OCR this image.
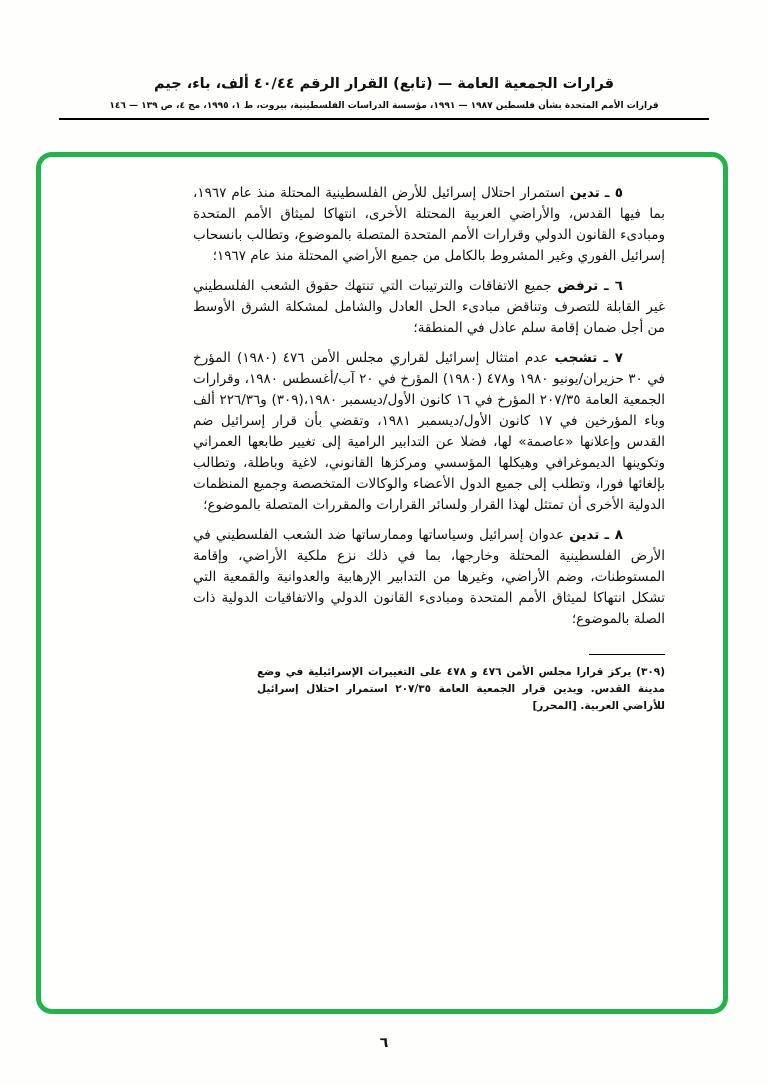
قرارات الجمعية العامة — (تابع) القرار الرقم ٤٠/٤٤ ألف، باء، جيم
قرارات الأمم المتحدة بشأن فلسطين ١٩٨٧ — ١٩٩١، مؤسسة الدراسات الفلسطينية، بيروت، ط ١، ١٩٩٥، مج ٤، ص ١٣٩ — ١٤٦

٥ ـ تدين استمرار احتلال إسرائيل للأرض الفلسطينية المحتلة منذ عام ١٩٦٧، بما فيها القدس، والأراضي العربية المحتلة الأخرى، انتهاكا لميثاق الأمم المتحدة ومبادىء القانون الدولي وقرارات الأمم المتحدة المتصلة بالموضوع، وتطالب بانسحاب إسرائيل الفوري وغير المشروط بالكامل من جميع الأراضي المحتلة منذ عام ١٩٦٧؛

٦ ـ ترفض جميع الاتفاقات والترتيبات التي تنتهك حقوق الشعب الفلسطيني غير القابلة للتصرف وتناقض مبادىء الحل العادل والشامل لمشكلة الشرق الأوسط من أجل ضمان إقامة سلم عادل في المنطقة؛

٧ ـ تشجب عدم امتثال إسرائيل لقراري مجلس الأمن ٤٧٦ (١٩٨٠) المؤرخ في ٣٠ حزيران/يونيو ١٩٨٠ و٤٧٨ (١٩٨٠) المؤرخ في ٢٠ آب/أغسطس ١٩٨٠، وقرارات الجمعية العامة ٢٠٧/٣٥ المؤرخ في ١٦ كانون الأول/ديسمبر ١٩٨٠،(٣٠٩) و٢٢٦/٣٦ ألف وباء المؤرخين في ١٧ كانون الأول/ديسمبر ١٩٨١، وتقضي بأن قرار إسرائيل ضم القدس وإعلانها «عاصمة» لها، فضلا عن التدابير الرامية إلى تغيير طابعها العمراني وتكوينها الديموغرافي وهيكلها المؤسسي ومركزها القانوني، لاغية وباطلة، وتطالب بإلغائها فورا، وتطلب إلى جميع الدول الأعضاء والوكالات المتخصصة وجميع المنظمات الدولية الأخرى أن تمتثل لهذا القرار ولسائر القرارات والمقررات المتصلة بالموضوع؛

٨ ـ تدين عدوان إسرائيل وسياساتها وممارساتها ضد الشعب الفلسطيني في الأرض الفلسطينية المحتلة وخارجها، بما في ذلك نزع ملكية الأراضي، وإقامة المستوطنات، وضم الأراضي، وغيرها من التدابير الإرهابية والعدوانية والقمعية التي تشكل انتهاكا لميثاق الأمم المتحدة ومبادىء القانون الدولي والاتفاقيات الدولية ذات الصلة بالموضوع؛

(٣٠٩) يركز قرارا مجلس الأمن ٤٧٦ و ٤٧٨ على التغييرات الإسرائيلية في وضع مدينة القدس. ويدين قرار الجمعية العامة ٢٠٧/٣٥ استمرار احتلال إسرائيل للأراضي العربية. [المحرر]
٦
